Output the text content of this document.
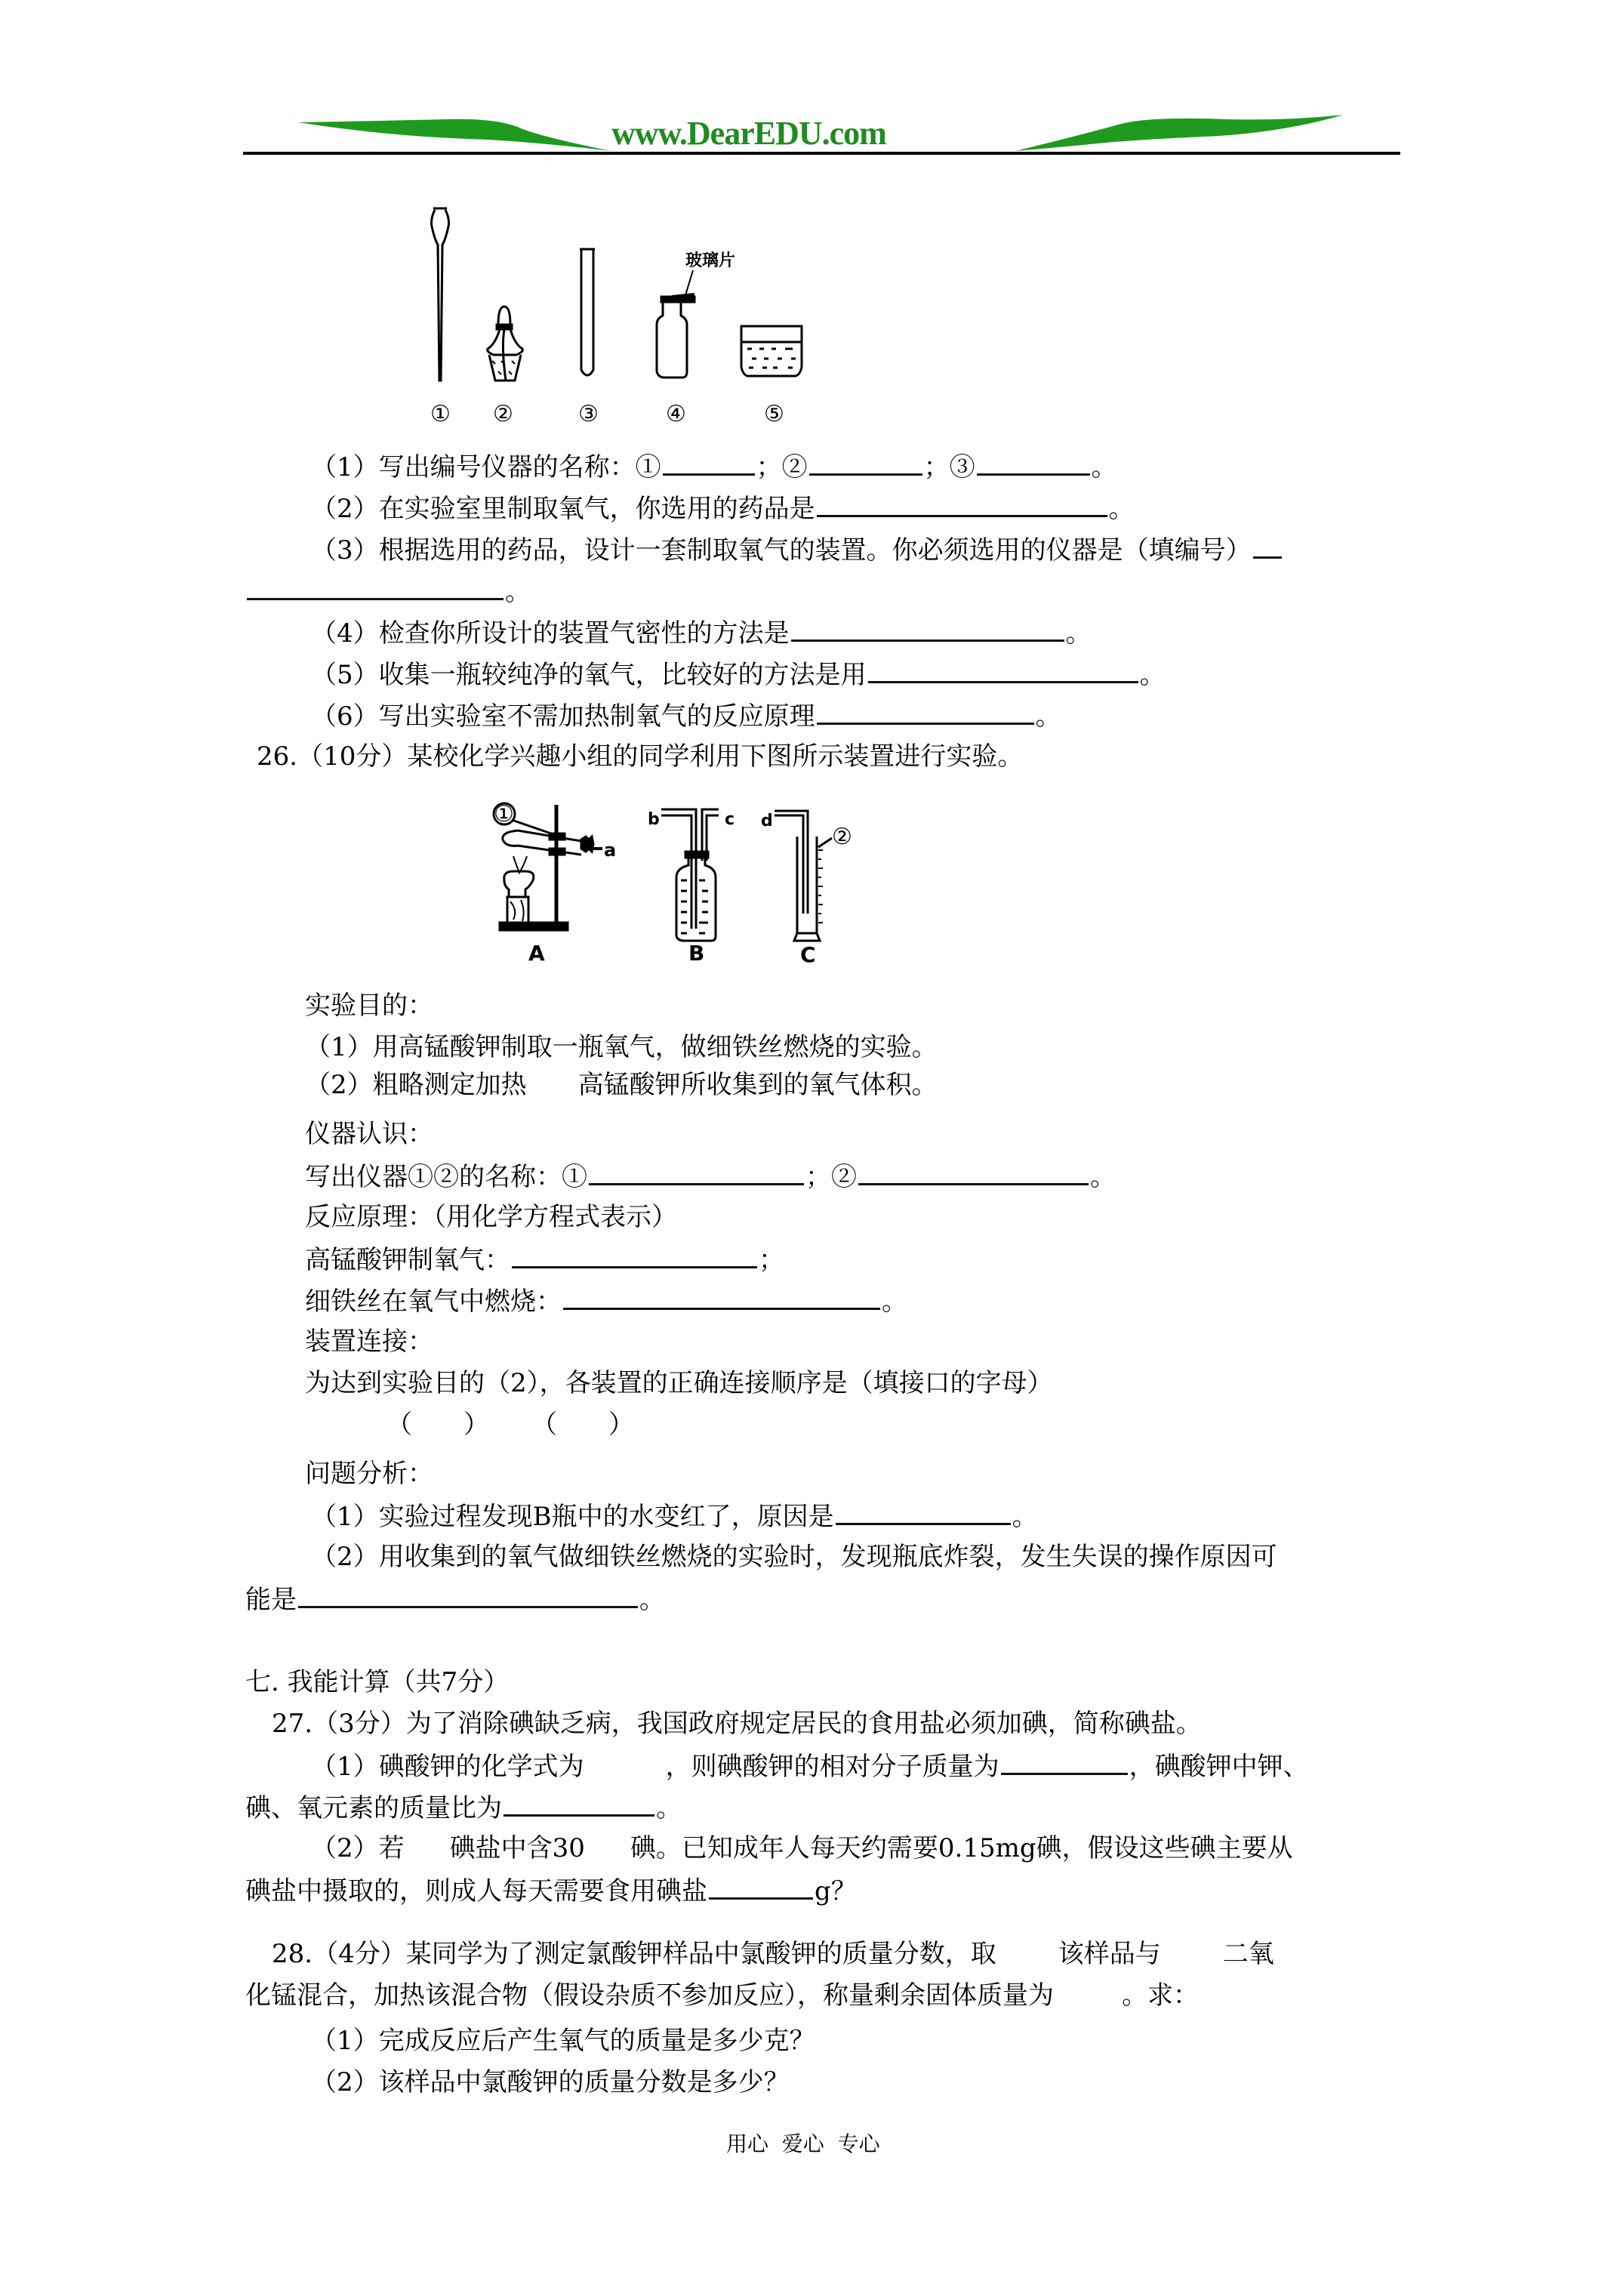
www.DearEDU.com
玻璃片
① ②	③	④	⑤
（1）写出编号仪器的名称：①	；②	；③	。
（2）在实验室里制取氧气，你选用的药品是	。
（3）根据选用的药品，设计一套制取氧气的装置。你必须选用的仪器是（填编号）
。
（4）检查你所设计的装置气密性的方法是	。
（5）收集一瓶较纯净的氧气，比较好的方法是用	。
（6）写出实验室不需加热制氧气的反应原理	。
26.（10分）某校化学兴趣小组的同学利用下图所示装置进行实验。
①
a
A
b	c
B
d
②
C
实验目的：
（1）用高锰酸钾制取一瓶氧气，做细铁丝燃烧的实验。
（2）粗略测定加热 高锰酸钾所收集到的氧气体积。
仪器认识：
写出仪器①②的名称：①	；②	。
反应原理：（用化学方程式表示）
高锰酸钾制氧气：	；
细铁丝在氧气中燃烧：	。
装置连接：
为达到实验目的（2），各装置的正确连接顺序是（填接口的字母）
（　　） （　　）
问题分析：
（1）实验过程发现B瓶中的水变红了，原因是	。
（2）用收集到的氧气做细铁丝燃烧的实验时，发现瓶底炸裂，发生失误的操作原因可
能是	。
七. 我能计算（共7分）
27.（3分）为了消除碘缺乏病，我国政府规定居民的食用盐必须加碘，简称碘盐。
（1）碘酸钾的化学式为	，则碘酸钾的相对分子质量为	，碘酸钾中钾、
碘、氧元素的质量比为	。
（2）若 碘盐中含30 碘。已知成年人每天约需要0.15mg碘，假设这些碘主要从
碘盐中摄取的，则成人每天需要食用碘盐	g？
28.（4分）某同学为了测定氯酸钾样品中氯酸钾的质量分数，取 该样品与 二氧
化锰混合，加热该混合物（假设杂质不参加反应），称量剩余固体质量为	。求：
（1）完成反应后产生氧气的质量是多少克？
（2）该样品中氯酸钾的质量分数是多少？
用心  爱心  专心
